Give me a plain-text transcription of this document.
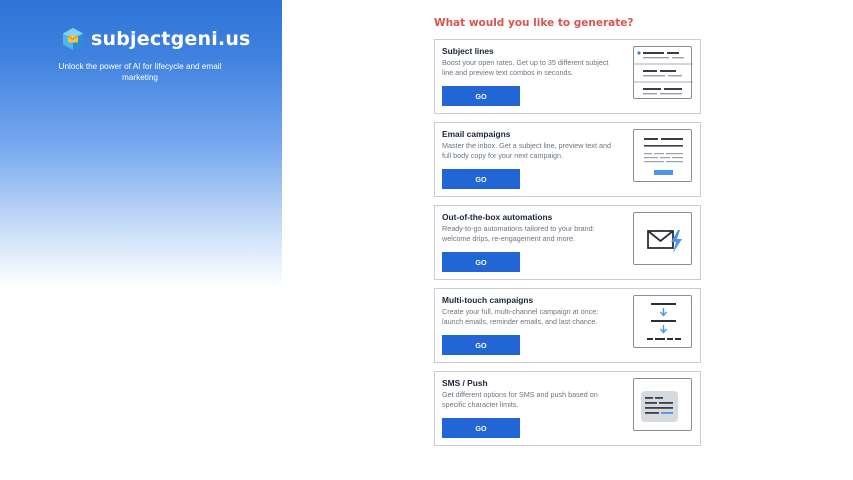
subjectgeni.us
Unlock the power of AI for lifecycle and email marketing
What would you like to generate?
Subject lines
Boost your open rates. Get up to 35 different subject line and preview text combos in seconds.
GO
Email campaigns
Master the inbox. Get a subject line, preview text and full body copy for your next campaign.
GO
Out-of-the-box automations
Ready-to-go automations tailored to your brand: welcome drips, re-engagement and more.
GO
Multi-touch campaigns
Create your full, multi-channel campaign at once: launch emails, reminder emails, and last chance.
GO
SMS / Push
Get different options for SMS and push based on specific character limits.
GO
